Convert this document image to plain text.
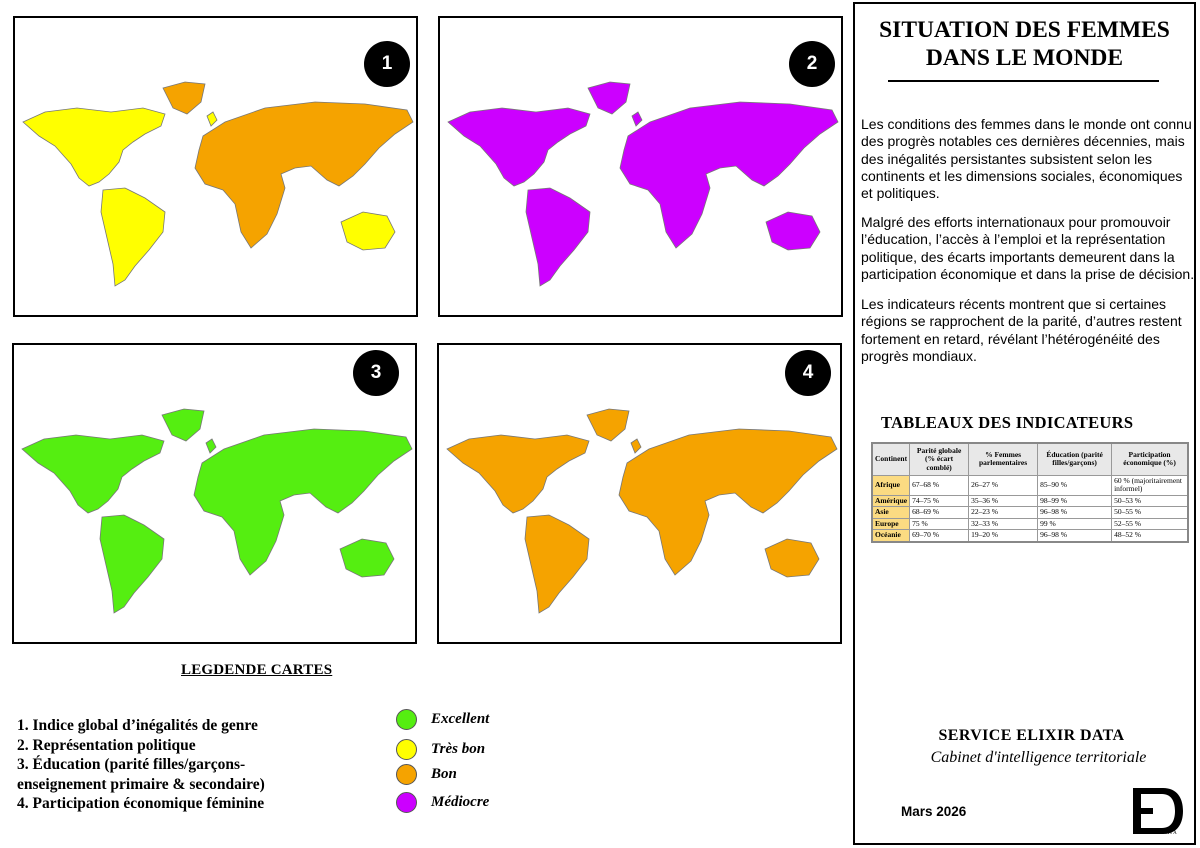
1	2
3	4
LEGDENDE CARTES
1. Indice global d’inégalités de genre
2. Représentation politique
3. Éducation (parité filles/garçons-
enseignement primaire & secondaire)
4. Participation économique féminine
Excellent
Très bon
Bon
Médiocre
SITUATION DES FEMMES
DANS LE MONDE

Les conditions des femmes dans le monde ont connu des progrès notables ces dernières décennies, mais des inégalités persistantes subsistent selon les continents et les dimensions sociales, économiques et politiques.

Malgré des efforts internationaux pour promouvoir l’éducation, l’accès à l’emploi et la représentation politique, des écarts importants demeurent dans la participation économique et dans la prise de décision.

Les indicateurs récents montrent que si certaines régions se rapprochent de la parité, d’autres restent fortement en retard, révélant l’hétérogénéité des progrès mondiaux.

TABLEAUX DES INDICATEURS
Continent	Parité globale (% écart comblé)	% Femmes parlementaires	Éducation (parité filles/garçons)	Participation économique (%)
Afrique	67–68 %	26–27 %	85–90 %	60 % (majoritairement informel)
Amérique	74–75 %	35–36 %	98–99 %	50–53 %
Asie	68–69 %	22–23 %	96–98 %	50–55 %
Europe	75 %	32–33 %	99 %	52–55 %
Océanie	69–70 %	19–20 %	96–98 %	48–52 %
SERVICE ELIXIR DATA
Cabinet d'intelligence territoriale
Mars 2026
ELIXIR DATA
